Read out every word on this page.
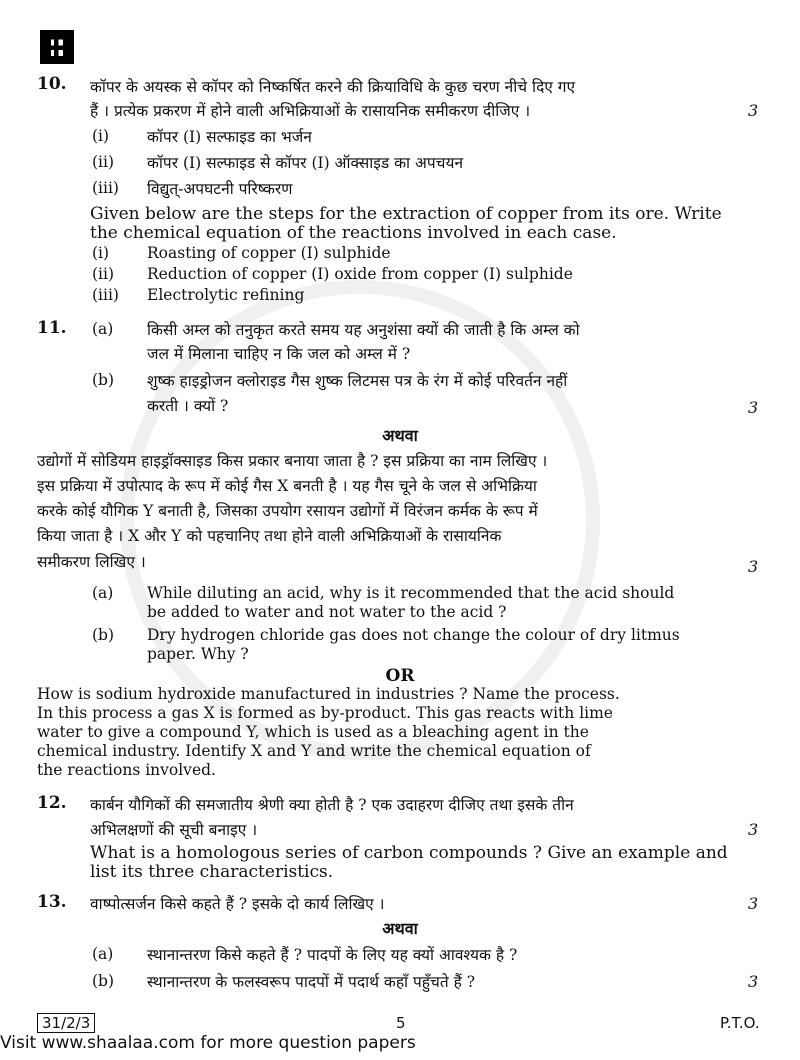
10. कॉपर के अयस्क से कॉपर को निष्कर्षित करने की क्रियाविधि के कुछ चरण नीचे दिए गए
हैं । प्रत्येक प्रकरण में होने वाली अभिक्रियाओं के रासायनिक समीकरण दीजिए ।	3
(i) कॉपर (I) सल्फाइड का भर्जन
(ii) कॉपर (I) सल्फाइड से कॉपर (I) ऑक्साइड का अपचयन
(iii) विद्युत्-अपघटनी परिष्करण
Given below are the steps for the extraction of copper from its ore. Write
the chemical equation of the reactions involved in each case.
(i) Roasting of copper (I) sulphide
(ii) Reduction of copper (I) oxide from copper (I) sulphide
(iii) Electrolytic refining
11. (a) किसी अम्ल को तनुकृत करते समय यह अनुशंसा क्यों की जाती है कि अम्ल को
जल में मिलाना चाहिए न कि जल को अम्ल में ?
(b) शुष्क हाइड्रोजन क्लोराइड गैस शुष्क लिटमस पत्र के रंग में कोई परिवर्तन नहीं
करती । क्यों ?	3
अथवा
उद्योगों में सोडियम हाइड्रॉक्साइड किस प्रकार बनाया जाता है ? इस प्रक्रिया का नाम लिखिए ।
इस प्रक्रिया में उपोत्पाद के रूप में कोई गैस X बनती है । यह गैस चूने के जल से अभिक्रिया
करके कोई यौगिक Y बनाती है, जिसका उपयोग रसायन उद्योगों में विरंजन कर्मक के रूप में
किया जाता है । X और Y को पहचानिए तथा होने वाली अभिक्रियाओं के रासायनिक
समीकरण लिखिए ।	3
(a) While diluting an acid, why is it recommended that the acid should
be added to water and not water to the acid ?
(b) Dry hydrogen chloride gas does not change the colour of dry litmus
paper. Why ?
OR
How is sodium hydroxide manufactured in industries ? Name the process.
In this process a gas X is formed as by-product. This gas reacts with lime
water to give a compound Y, which is used as a bleaching agent in the
chemical industry. Identify X and Y and write the chemical equation of
the reactions involved.
12. कार्बन यौगिकों की समजातीय श्रेणी क्या होती है ? एक उदाहरण दीजिए तथा इसके तीन
अभिलक्षणों की सूची बनाइए ।	3
What is a homologous series of carbon compounds ? Give an example and
list its three characteristics.
13. वाष्पोत्सर्जन किसे कहते हैं ? इसके दो कार्य लिखिए ।	3
अथवा
(a) स्थानान्तरण किसे कहते हैं ? पादपों के लिए यह क्यों आवश्यक है ?
(b) स्थानान्तरण के फलस्वरूप पादपों में पदार्थ कहाँ पहुँचते हैं ?	3
31/2/3	5	P.T.O.
Visit www.shaalaa.com for more question papers
